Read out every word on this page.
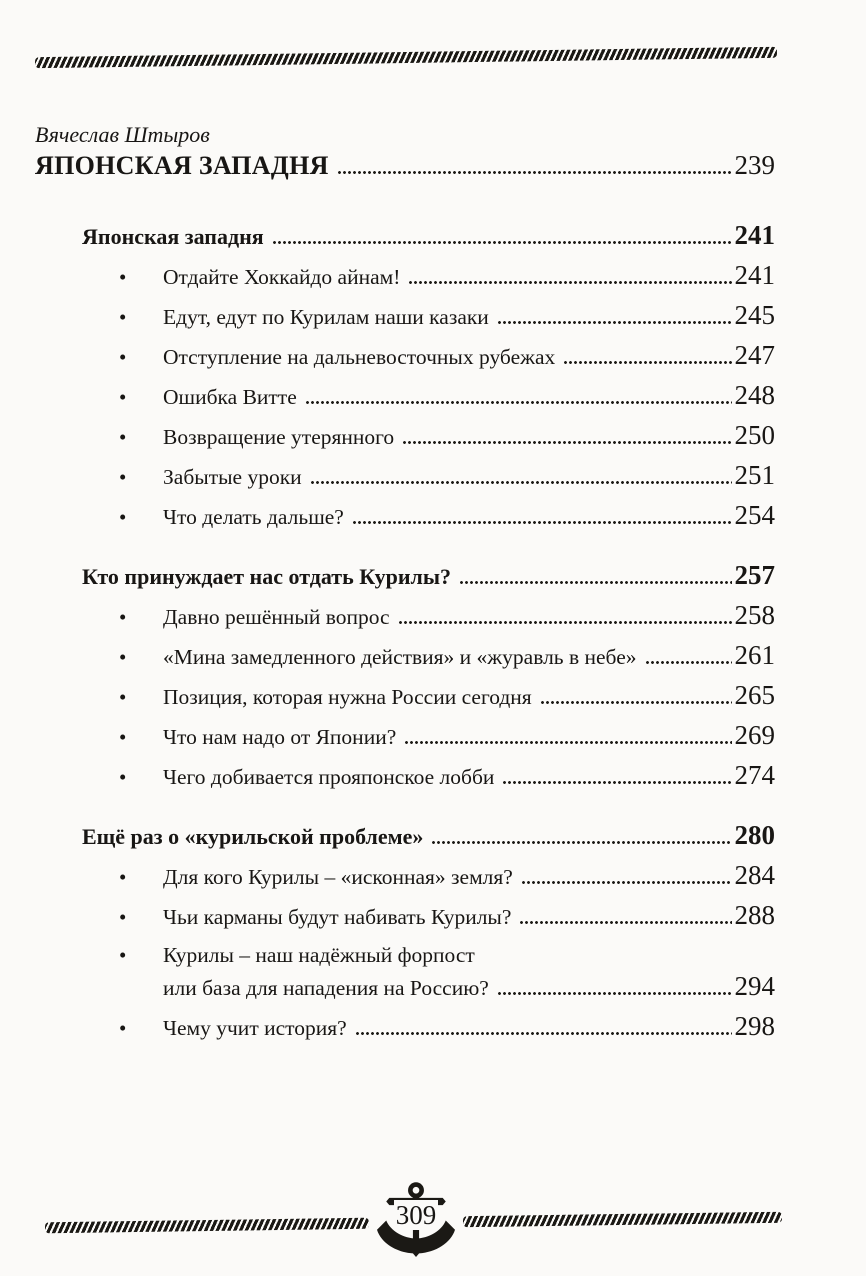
Вячеслав Штыров
ЯПОНСКАЯ ЗАПАДНЯ	239
Японская западня	241
•	Отдайте Хоккайдо айнам!	241
•	Едут, едут по Курилам наши казаки	245
•	Отступление на дальневосточных рубежах	247
•	Ошибка Витте	248
•	Возвращение утерянного	250
•	Забытые уроки	251
•	Что делать дальше?	254
Кто принуждает нас отдать Курилы?	257
•	Давно решённый вопрос	258
•	«Мина замедленного действия» и «журавль в небе»	261
•	Позиция, которая нужна России сегодня	265
•	Что нам надо от Японии?	269
•	Чего добивается прояпонское лобби	274
Ещё раз о «курильской проблеме»	280
•	Для кого Курилы – «исконная» земля?	284
•	Чьи карманы будут набивать Курилы?	288
•	Курилы – наш надёжный форпост
или база для нападения на Россию?	294
•	Чему учит история?	298
309
